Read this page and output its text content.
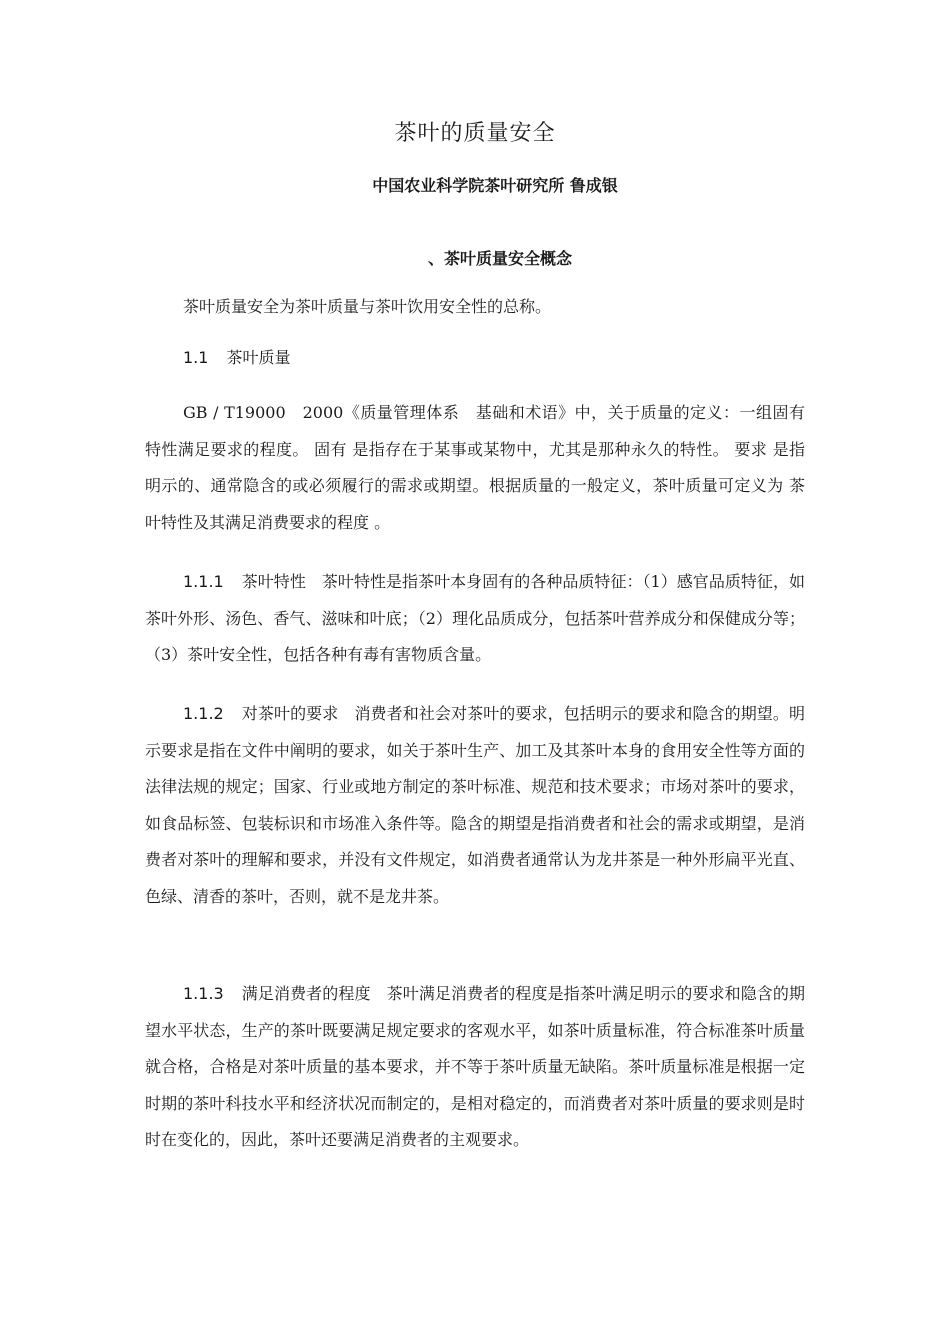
茶叶的质量安全

中国农业科学院茶叶研究所 鲁成银

、茶叶质量安全概念

茶叶质量安全为茶叶质量与茶叶饮用安全性的总称。

1.1 茶叶质量

GB / T19000　2000《质量管理体系　基础和术语》中，关于质量的定义：一组固有特性满足要求的程度。 固有 是指存在于某事或某物中，尤其是那种永久的特性。 要求 是指明示的、通常隐含的或必须履行的需求或期望。根据质量的一般定义，茶叶质量可定义为 茶叶特性及其满足消费要求的程度 。

1.1.1 茶叶特性　茶叶特性是指茶叶本身固有的各种品质特征：（1）感官品质特征，如茶叶外形、汤色、香气、滋味和叶底；（2）理化品质成分，包括茶叶营养成分和保健成分等；（3）茶叶安全性，包括各种有毒有害物质含量。

1.1.2 对茶叶的要求　消费者和社会对茶叶的要求，包括明示的要求和隐含的期望。明示要求是指在文件中阐明的要求，如关于茶叶生产、加工及其茶叶本身的食用安全性等方面的法律法规的规定；国家、行业或地方制定的茶叶标准、规范和技术要求；市场对茶叶的要求，如食品标签、包装标识和市场准入条件等。隐含的期望是指消费者和社会的需求或期望，是消费者对茶叶的理解和要求，并没有文件规定，如消费者通常认为龙井茶是一种外形扁平光直、色绿、清香的茶叶，否则，就不是龙井茶。

1.1.3 满足消费者的程度　茶叶满足消费者的程度是指茶叶满足明示的要求和隐含的期望水平状态，生产的茶叶既要满足规定要求的客观水平，如茶叶质量标准，符合标准茶叶质量就合格，合格是对茶叶质量的基本要求，并不等于茶叶质量无缺陷。茶叶质量标准是根据一定时期的茶叶科技水平和经济状况而制定的，是相对稳定的，而消费者对茶叶质量的要求则是时时在变化的，因此，茶叶还要满足消费者的主观要求。
